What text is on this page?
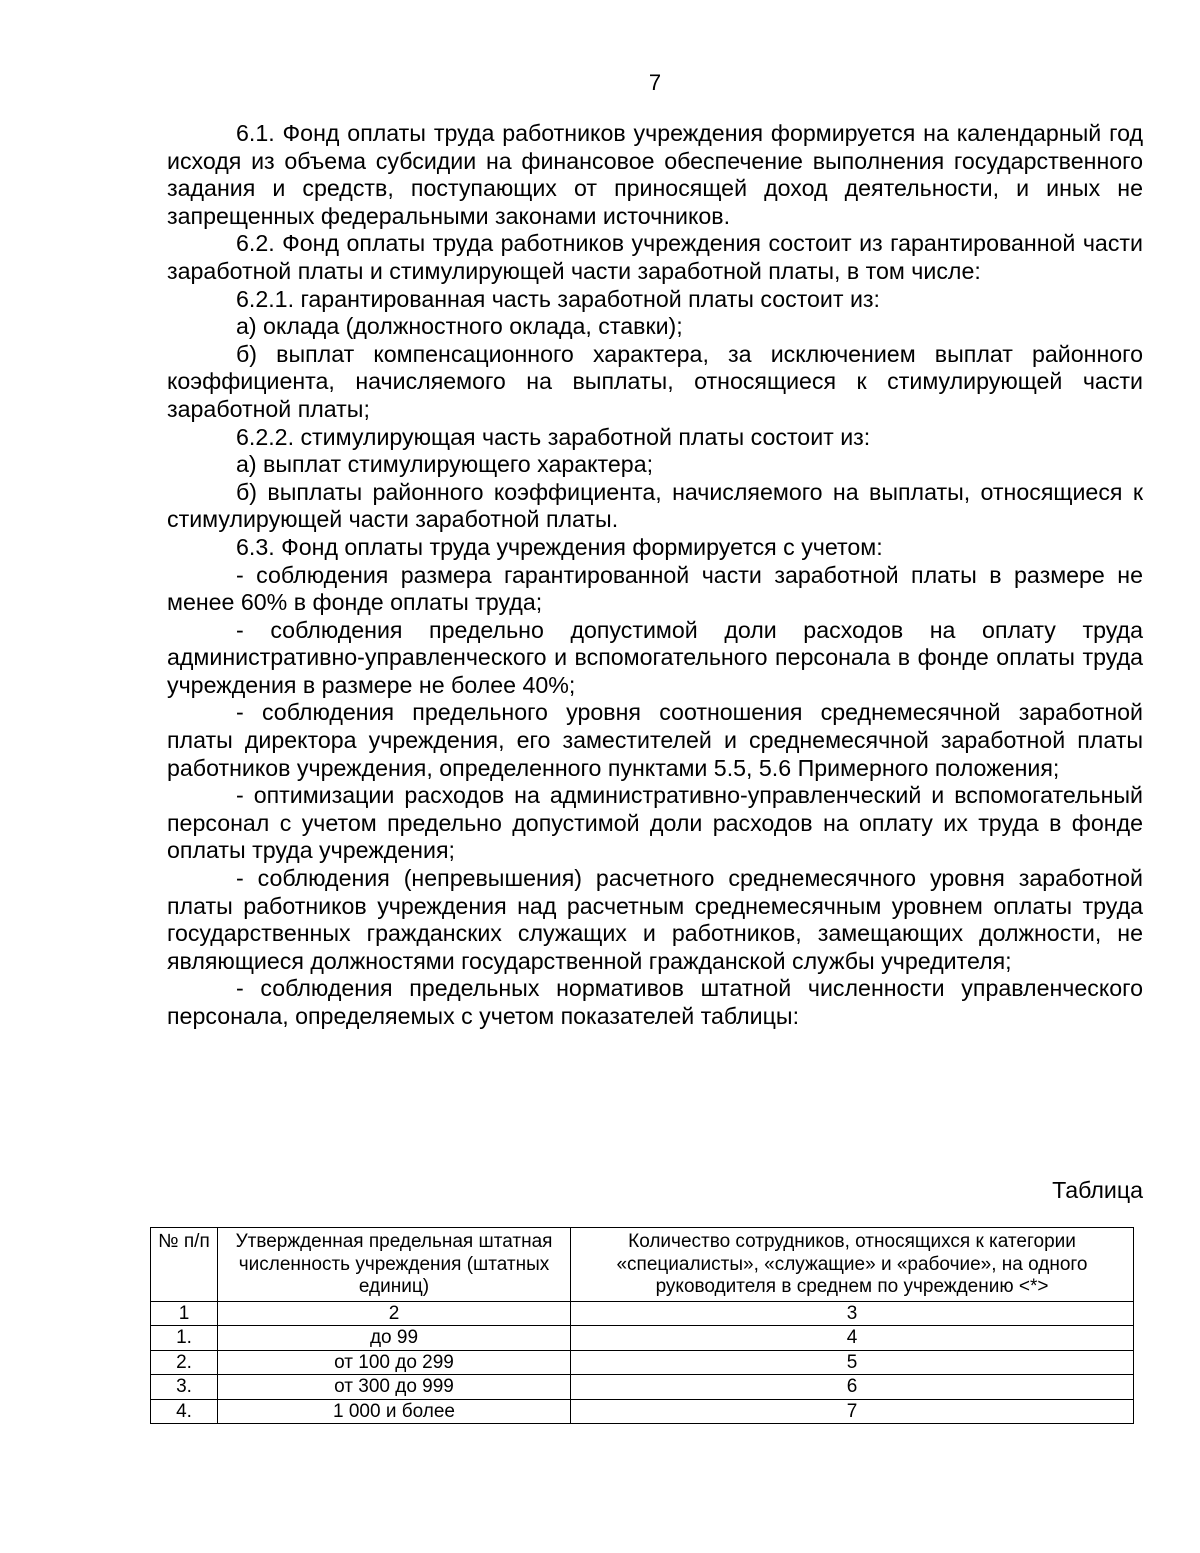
7

6.1. Фонд оплаты труда работников учреждения формируется на календарный год исходя из объема субсидии на финансовое обеспечение выполнения государственного задания и средств, поступающих от приносящей доход деятельности, и иных не запрещенных федеральными законами источников.

6.2. Фонд оплаты труда работников учреждения состоит из гарантированной части заработной платы и стимулирующей части заработной платы, в том числе:

6.2.1. гарантированная часть заработной платы состоит из:

а) оклада (должностного оклада, ставки);

б) выплат компенсационного характера, за исключением выплат районного коэффициента, начисляемого на выплаты, относящиеся к стимулирующей части заработной платы;

6.2.2. стимулирующая часть заработной платы состоит из:

а) выплат стимулирующего характера;

б) выплаты районного коэффициента, начисляемого на выплаты, относящиеся к стимулирующей части заработной платы.

6.3. Фонд оплаты труда учреждения формируется с учетом:

- соблюдения размера гарантированной части заработной платы в размере не менее 60% в фонде оплаты труда;

- соблюдения предельно допустимой доли расходов на оплату труда административно-управленческого и вспомогательного персонала в фонде оплаты труда учреждения в размере не более 40%;

- соблюдения предельного уровня соотношения среднемесячной заработной платы директора учреждения, его заместителей и среднемесячной заработной платы работников учреждения, определенного пунктами 5.5, 5.6 Примерного положения;

- оптимизации расходов на административно-управленческий и вспомогательный персонал с учетом предельно допустимой доли расходов на оплату их труда в фонде оплаты труда учреждения;

- соблюдения (непревышения) расчетного среднемесячного уровня заработной платы работников учреждения над расчетным среднемесячным уровнем оплаты труда государственных гражданских служащих и работников, замещающих должности, не являющиеся должностями государственной гражданской службы учредителя;

- соблюдения предельных нормативов штатной численности управленческого персонала, определяемых с учетом показателей таблицы:

Таблица
№ п/п	Утвержденная предельная штатная численность учреждения (штатных единиц)	Количество сотрудников, относящихся к категории «специалисты», «служащие» и «рабочие», на одного руководителя в среднем по учреждению <*>
1	2	3
1.	до 99	4
2.	от 100 до 299	5
3.	от 300 до 999	6
4.	1 000 и более	7
